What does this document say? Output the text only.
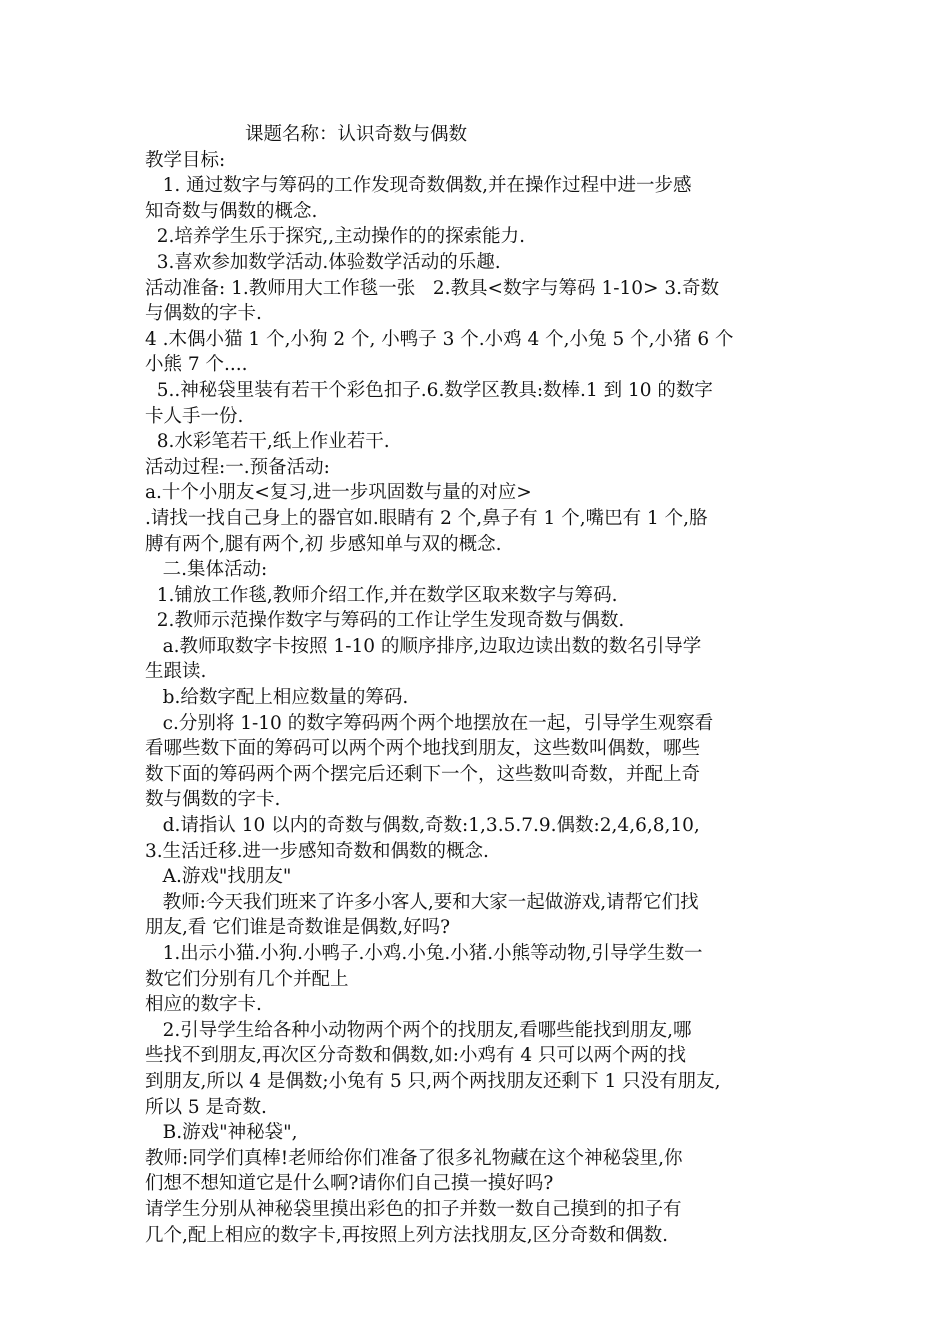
课题名称：认识奇数与偶数
教学目标:
1. 通过数字与筹码的工作发现奇数偶数,并在操作过程中进一步感
知奇数与偶数的概念.
2.培养学生乐于探究,,主动操作的的探索能力.
3.喜欢参加数学活动.体验数学活动的乐趣.
活动准备: 1.教师用大工作毯一张   2.教具<数字与筹码 1-10> 3.奇数
与偶数的字卡.
4 .木偶小猫 1 个,小狗 2 个, 小鸭子 3 个.小鸡 4 个,小兔 5 个,小猪 6 个
小熊 7 个....
5..神秘袋里装有若干个彩色扣子.6.数学区教具:数棒.1 到 10 的数字
卡人手一份.
8.水彩笔若干,纸上作业若干.
活动过程:一.预备活动:
a.十个小朋友<复习,进一步巩固数与量的对应>
.请找一找自己身上的器官如.眼睛有 2 个,鼻子有 1 个,嘴巴有 1 个,胳
膊有两个,腿有两个,初 步感知单与双的概念.
二.集体活动:
1.铺放工作毯,教师介绍工作,并在数学区取来数字与筹码.
2.教师示范操作数字与筹码的工作让学生发现奇数与偶数.
a.教师取数字卡按照 1-10 的顺序排序,边取边读出数的数名引导学
生跟读.
b.给数字配上相应数量的筹码.
c.分别将 1-10 的数字筹码两个两个地摆放在一起，引导学生观察看
看哪些数下面的筹码可以两个两个地找到朋友，这些数叫偶数，哪些
数下面的筹码两个两个摆完后还剩下一个，这些数叫奇数，并配上奇
数与偶数的字卡.
d.请指认 10 以内的奇数与偶数,奇数:1,3.5.7.9.偶数:2,4,6,8,10,
3.生活迁移.进一步感知奇数和偶数的概念.
A.游戏"找朋友"
教师:今天我们班来了许多小客人,要和大家一起做游戏,请帮它们找
朋友,看 它们谁是奇数谁是偶数,好吗?
1.出示小猫.小狗.小鸭子.小鸡.小兔.小猪.小熊等动物,引导学生数一
数它们分别有几个并配上
相应的数字卡.
2.引导学生给各种小动物两个两个的找朋友,看哪些能找到朋友,哪
些找不到朋友,再次区分奇数和偶数,如:小鸡有 4 只可以两个两的找
到朋友,所以 4 是偶数;小兔有 5 只,两个两找朋友还剩下 1 只没有朋友,
所以 5 是奇数.
B.游戏"神秘袋",
教师:同学们真棒!老师给你们准备了很多礼物藏在这个神秘袋里,你
们想不想知道它是什么啊?请你们自己摸一摸好吗?
请学生分别从神秘袋里摸出彩色的扣子并数一数自己摸到的扣子有
几个,配上相应的数字卡,再按照上列方法找朋友,区分奇数和偶数.
